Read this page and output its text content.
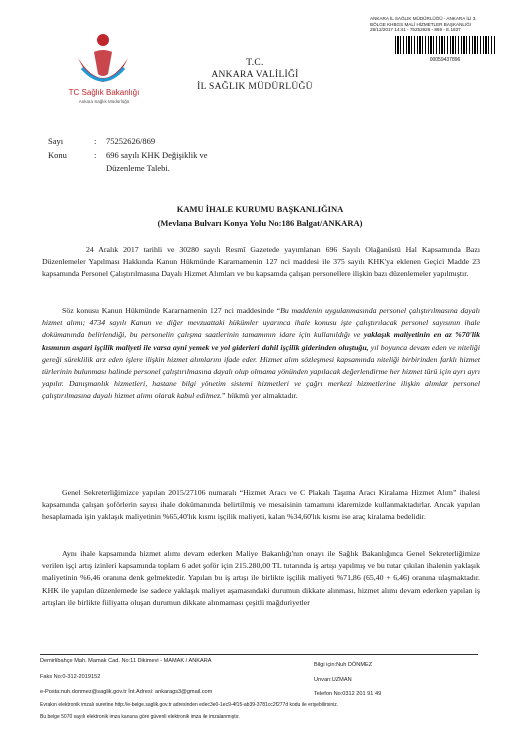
TC Sağlık Bakanlığı
Ankara Sağlık Müdürlüğü
T.C.
ANKARA VALİLİĞİ
İL SAĞLIK MÜDÜRLÜĞÜ
ANKARA İL SAĞLIK MÜDÜRLÜĞÜ - ANKARA İLİ 3.
BÖLGE KHBGS MALİ HİZMETLER BAŞKANLIĞI
28/12/2017 14:41 - 75252626 - 869 - E.1837
00059437896
Sayı	: 75252626/869
Konu	: 696 sayılı KHK Değişiklik ve
Düzenleme Talebi.
KAMU İHALE KURUMU BAŞKANLIĞINA
(Mevlana Bulvarı Konya Yolu No:186 Balgat/ANKARA)
24 Aralık 2017 tarihli ve 30280 sayılı Resmî Gazetede yayımlanan 696 Sayılı Olağanüstü Hal Kapsamında Bazı Düzenlemeler Yapılması Hakkında Kanun Hükmünde Kararnamenin 127 nci maddesi ile 375 sayılı KHK'ya eklenen Geçici Madde 23 kapsamında Personel Çalıştırılmasına Dayalı Hizmet Alımları ve bu kapsamda çalışan personellere ilişkin bazı düzenlemeler yapılmıştır.
Söz konusu Kanun Hükmünde Kararnamenin 127 nci maddesinde “Bu maddenin uygulanmasında personel çalıştırılmasına dayalı hizmet alımı; 4734 sayılı Kanun ve diğer mevzuattaki hükümler uyarınca ihale konusu işte çalıştırılacak personel sayısının ihale dokümanında belirlendiği, bu personelin çalışma saatlerinin tamamının idare için kullanıldığı ve yaklaşık maliyetinin en az %70'lik kısmının asgari işçilik maliyeti ile varsa ayni yemek ve yol giderleri dahil işçilik giderinden oluştuğu, yıl boyunca devam eden ve niteliği gereği süreklilik arz eden işlere ilişkin hizmet alımlarını ifade eder. Hizmet alım sözleşmesi kapsamında niteliği birbirinden farklı hizmet türlerinin bulunması halinde personel çalıştırılmasına dayalı olup olmama yönünden yapılacak değerlendirme her hizmet türü için ayrı ayrı yapılır. Danışmanlık hizmetleri, hastane bilgi yönetim sistemi hizmetleri ve çağrı merkezi hizmetlerine ilişkin alımlar personel çalıştırılmasına dayalı hizmet alımı olarak kabul edilmez.” hükmü yer almaktadır.
Genel Sekreterliğimizce yapılan 2015/27106 numaralı “Hizmet Aracı ve C Plakalı Taşıma Aracı Kiralama Hizmet Alım” ihalesi kapsamında çalışan şoförlerin sayısı ihale dokümanında belirtilmiş ve mesaisinin tamamını idaremizde kullanmaktadırlar. Ancak yapılan hesaplamada işin yaklaşık maliyetinin %65,40'lık kısmı işçilik maliyeti, kalan %34,60'lık kısmı ise araç kiralama bedelidir.
Aynı ihale kapsamında hizmet alımı devam ederken Maliye Bakanlığı'nın onayı ile Sağlık Bakanlığınca Genel Sekreterliğimize verilen işçi artış izinleri kapsamında toplam 6 adet şoför için 215.280,00 TL tutarında iş artışı yapılmış ve bu tutar çıkılan ihalenin yaklaşık maliyetinin %6,46 oranına denk gelmektedir. Yapılan bu iş artışı ile birlikte işçilik maliyeti %71,86 (65,40 + 6,46) oranına ulaşmaktadır. KHK ile yapılan düzenlemede ise sadece yaklaşık maliyet aşamasındaki durumun dikkate alınması, hizmet alımı devam ederken yapılan iş artışları ile birlikte fiiliyatta oluşan durumun dikkate alınmaması çeşitli mağduriyetler
Demirlibahçe Mah. Mamak Cad. No:11 Dikimevi - MAMAK / ANKARA
Faks No:0-312-2019152
e-Posta:nuh.donmez@saglik.gov.tr İnt.Adresi: ankarags3@gmail.com
Bilgi için:Nuh DÖNMEZ
Unvan:UZMAN
Telefon No:0312 201 91 49
Evrakın elektronik imzalı suretine http://e-belge.saglik.gov.tr adresinden edec3e0-1ec9-4f15-ab39-3781cc2f277d kodu ile erişebilirsiniz.
Bu belge 5070 sayılı elektronik imza kanuna göre güvenli elektronik imza ile imzalanmıştır.
